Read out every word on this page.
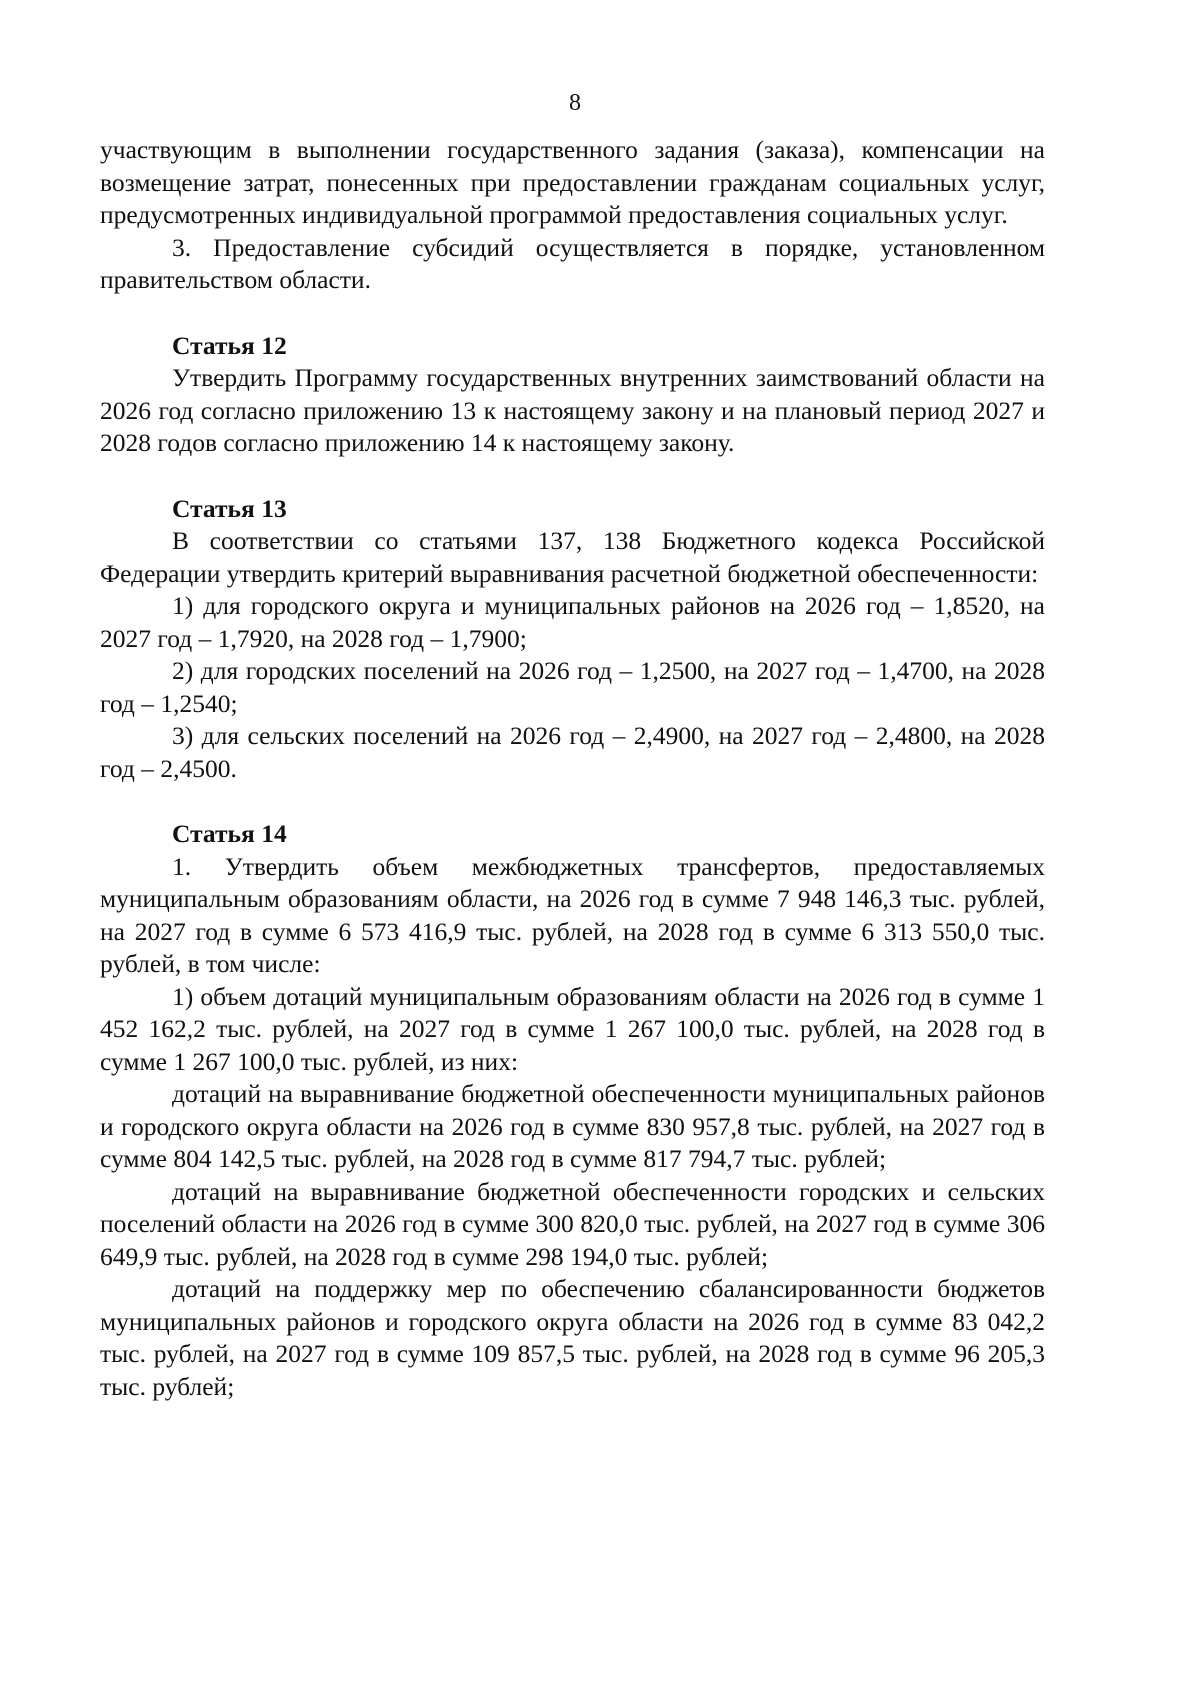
8

участвующим в выполнении государственного задания (заказа), компенсации на возмещение затрат, понесенных при предоставлении гражданам социальных услуг, предусмотренных индивидуальной программой предоставления социальных услуг.

3. Предоставление субсидий осуществляется в порядке, установленном правительством области.

Статья 12

Утвердить Программу государственных внутренних заимствований области на 2026 год согласно приложению 13 к настоящему закону и на плановый период 2027 и 2028 годов согласно приложению 14 к настоящему закону.

Статья 13

В соответствии со статьями 137, 138 Бюджетного кодекса Российской Федерации утвердить критерий выравнивания расчетной бюджетной обеспеченности:

1) для городского округа и муниципальных районов на 2026 год – 1,8520, на 2027 год – 1,7920, на 2028 год – 1,7900;

2) для городских поселений на 2026 год – 1,2500, на 2027 год – 1,4700, на 2028 год – 1,2540;

3) для сельских поселений на 2026 год – 2,4900, на 2027 год – 2,4800, на 2028 год – 2,4500.

Статья 14

1. Утвердить объем межбюджетных трансфертов, предоставляемых муниципальным образованиям области, на 2026 год в сумме 7 948 146,3 тыс. рублей, на 2027 год в сумме 6 573 416,9 тыс. рублей, на 2028 год в сумме 6 313 550,0 тыс. рублей, в том числе:

1) объем дотаций муниципальным образованиям области на 2026 год в сумме 1 452 162,2 тыс. рублей, на 2027 год в сумме 1 267 100,0 тыс. рублей, на 2028 год в сумме 1 267 100,0 тыс. рублей, из них:

дотаций на выравнивание бюджетной обеспеченности муниципальных районов и городского округа области на 2026 год в сумме 830 957,8 тыс. рублей, на 2027 год в сумме 804 142,5 тыс. рублей, на 2028 год в сумме 817 794,7 тыс. рублей;

дотаций на выравнивание бюджетной обеспеченности городских и сельских поселений области на 2026 год в сумме 300 820,0 тыс. рублей, на 2027 год в сумме 306 649,9 тыс. рублей, на 2028 год в сумме 298 194,0 тыс. рублей;

дотаций на поддержку мер по обеспечению сбалансированности бюджетов муниципальных районов и городского округа области на 2026 год в сумме 83 042,2 тыс. рублей, на 2027 год в сумме 109 857,5 тыс. рублей, на 2028 год в сумме 96 205,3 тыс. рублей;
